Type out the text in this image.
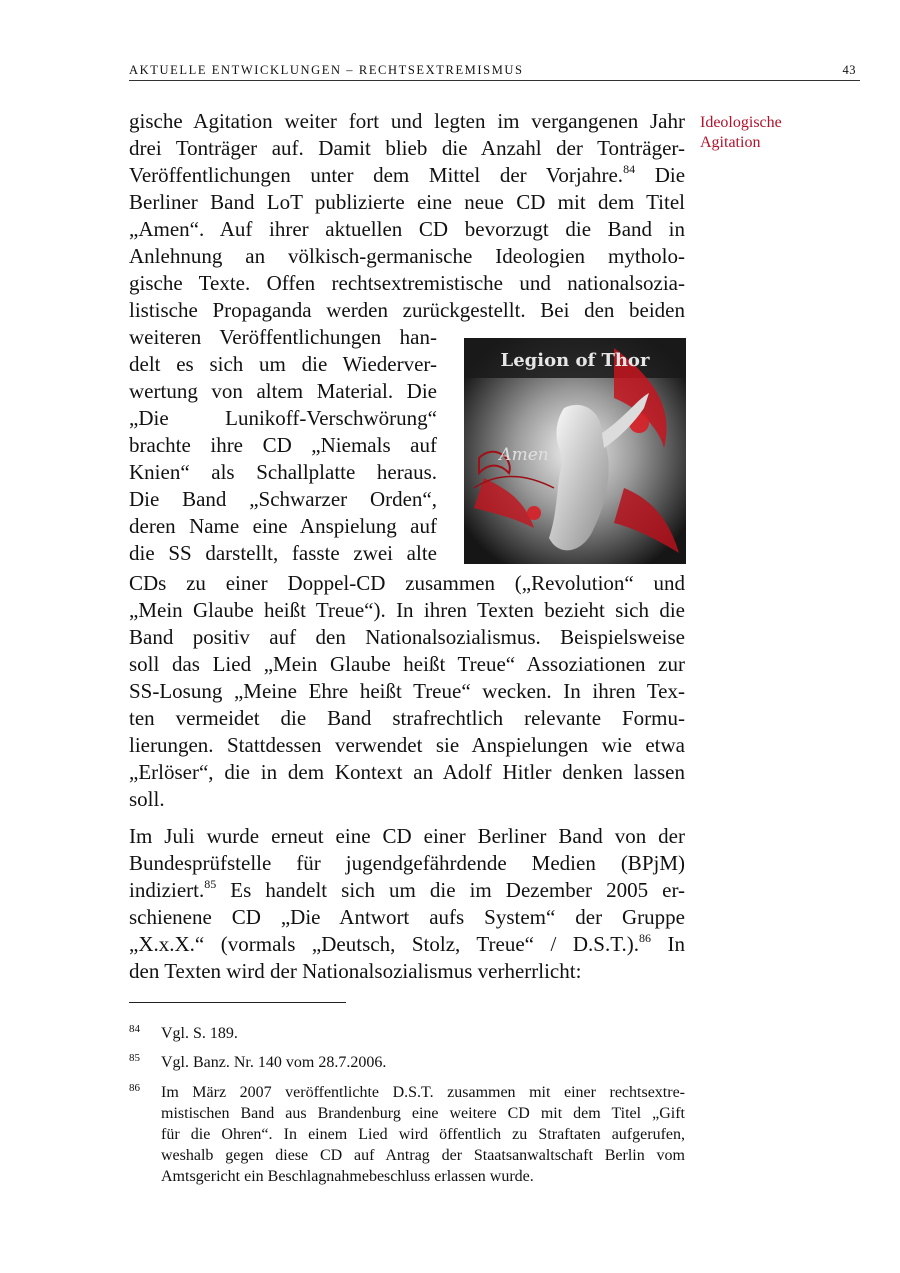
AKTUELLE ENTWICKLUNGEN – RECHTSEXTREMISMUS	43
Ideologische
Agitation
gische Agitation weiter fort und legten im vergangenen Jahr
drei Tonträger auf. Damit blieb die Anzahl der Tonträger-
Veröffentlichungen unter dem Mittel der Vorjahre.$^{84}$ Die
Berliner Band LoT publizierte eine neue CD mit dem Titel
„Amen“. Auf ihrer aktuellen CD bevorzugt die Band in
Anlehnung an völkisch-germanische Ideologien mytholo-
gische Texte. Offen rechtsextremistische und nationalsozia-
listische Propaganda werden zurückgestellt. Bei den beiden
weiteren Veröffentlichungen han-
delt es sich um die Wiederver-
wertung von altem Material. Die
„Die Lunikoff-Verschwörung“
brachte ihre CD „Niemals auf
Knien“ als Schallplatte heraus.
Die Band „Schwarzer Orden“,
deren Name eine Anspielung auf
die SS darstellt, fasste zwei alte
Legion of Thor
Amen
CDs zu einer Doppel-CD zusammen („Revolution“ und
„Mein Glaube heißt Treue“). In ihren Texten bezieht sich die
Band positiv auf den Nationalsozialismus. Beispielsweise
soll das Lied „Mein Glaube heißt Treue“ Assoziationen zur
SS-Losung „Meine Ehre heißt Treue“ wecken. In ihren Tex-
ten vermeidet die Band strafrechtlich relevante Formu-
lierungen. Stattdessen verwendet sie Anspielungen wie etwa
„Erlöser“, die in dem Kontext an Adolf Hitler denken lassen
soll.
Im Juli wurde erneut eine CD einer Berliner Band von der
Bundesprüfstelle für jugendgefährdende Medien (BPjM)
indiziert.$^{85}$ Es handelt sich um die im Dezember 2005 er-
schienene CD „Die Antwort aufs System“ der Gruppe
„X.x.X.“ (vormals „Deutsch, Stolz, Treue“ / D.S.T.).$^{86}$ In
den Texten wird der Nationalsozialismus verherrlicht:
84 Vgl. S. 189.
85 Vgl. Banz. Nr. 140 vom 28.7.2006.
86 Im März 2007 veröffentlichte D.S.T. zusammen mit einer rechtsextre-
mistischen Band aus Brandenburg eine weitere CD mit dem Titel „Gift
für die Ohren“. In einem Lied wird öffentlich zu Straftaten aufgerufen,
weshalb gegen diese CD auf Antrag der Staatsanwaltschaft Berlin vom
Amtsgericht ein Beschlagnahmebeschluss erlassen wurde.
